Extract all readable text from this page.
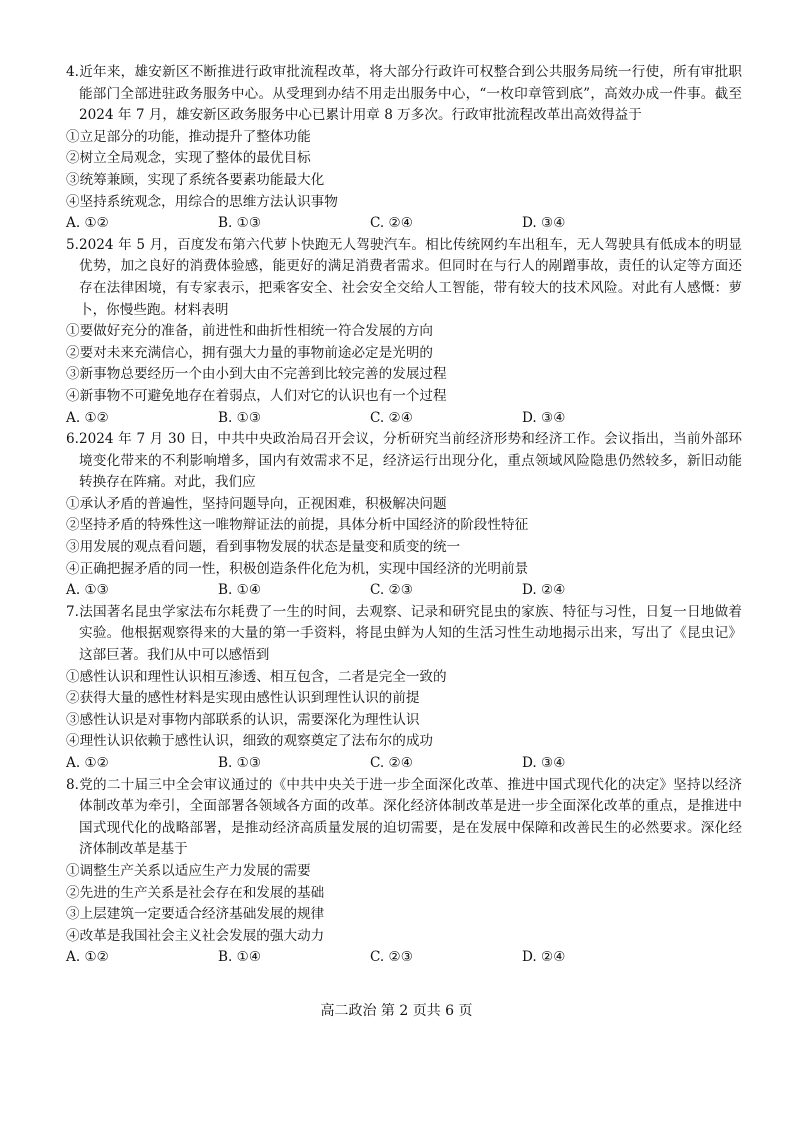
4.近年来，雄安新区不断推进行政审批流程改革，将大部分行政许可权整合到公共服务局统一行使，所有审批职能部门全部进驻政务服务中心。从受理到办结不用走出服务中心，“一枚印章管到底”，高效办成一件事。截至 2024 年 7 月，雄安新区政务服务中心已累计用章 8 万多次。行政审批流程改革出高效得益于

①立足部分的功能，推动提升了整体功能

②树立全局观念，实现了整体的最优目标

③统筹兼顾，实现了系统各要素功能最大化

④坚持系统观念，用综合的思维方法认识事物

A. ①②	B. ①③	C. ②④	D. ③④

5.2024 年 5 月，百度发布第六代萝卜快跑无人驾驶汽车。相比传统网约车出租车，无人驾驶具有低成本的明显优势，加之良好的消费体验感，能更好的满足消费者需求。但同时在与行人的剐蹭事故，责任的认定等方面还存在法律困境，有专家表示，把乘客安全、社会安全交给人工智能，带有较大的技术风险。对此有人感慨：萝卜，你慢些跑。材料表明

①要做好充分的准备，前进性和曲折性相统一符合发展的方向

②要对未来充满信心，拥有强大力量的事物前途必定是光明的

③新事物总要经历一个由小到大由不完善到比较完善的发展过程

④新事物不可避免地存在着弱点，人们对它的认识也有一个过程

A. ①②	B. ①③	C. ②④	D. ③④

6.2024 年 7 月 30 日，中共中央政治局召开会议，分析研究当前经济形势和经济工作。会议指出，当前外部环境变化带来的不利影响增多，国内有效需求不足，经济运行出现分化，重点领域风险隐患仍然较多，新旧动能转换存在阵痛。对此，我们应

①承认矛盾的普遍性，坚持问题导向，正视困难，积极解决问题

②坚持矛盾的特殊性这一唯物辩证法的前提，具体分析中国经济的阶段性特征

③用发展的观点看问题，看到事物发展的状态是量变和质变的统一

④正确把握矛盾的同一性，积极创造条件化危为机，实现中国经济的光明前景

A. ①③	B. ①④	C. ②③	D. ②④

7.法国著名昆虫学家法布尔耗费了一生的时间，去观察、记录和研究昆虫的家族、特征与习性，日复一日地做着实验。他根据观察得来的大量的第一手资料，将昆虫鲜为人知的生活习性生动地揭示出来，写出了《昆虫记》这部巨著。我们从中可以感悟到

①感性认识和理性认识相互渗透、相互包含，二者是完全一致的

②获得大量的感性材料是实现由感性认识到理性认识的前提

③感性认识是对事物内部联系的认识，需要深化为理性认识

④理性认识依赖于感性认识，细致的观察奠定了法布尔的成功

A. ①②	B. ①③	C. ②④	D. ③④

8.党的二十届三中全会审议通过的《中共中央关于进一步全面深化改革、推进中国式现代化的决定》坚持以经济体制改革为牵引，全面部署各领域各方面的改革。深化经济体制改革是进一步全面深化改革的重点，是推进中国式现代化的战略部署，是推动经济高质量发展的迫切需要，是在发展中保障和改善民生的必然要求。深化经济体制改革是基于

①调整生产关系以适应生产力发展的需要

②先进的生产关系是社会存在和发展的基础

③上层建筑一定要适合经济基础发展的规律

④改革是我国社会主义社会发展的强大动力

A. ①②	B. ①④	C. ②③	D. ②④
高二政治 第 2 页共 6 页
